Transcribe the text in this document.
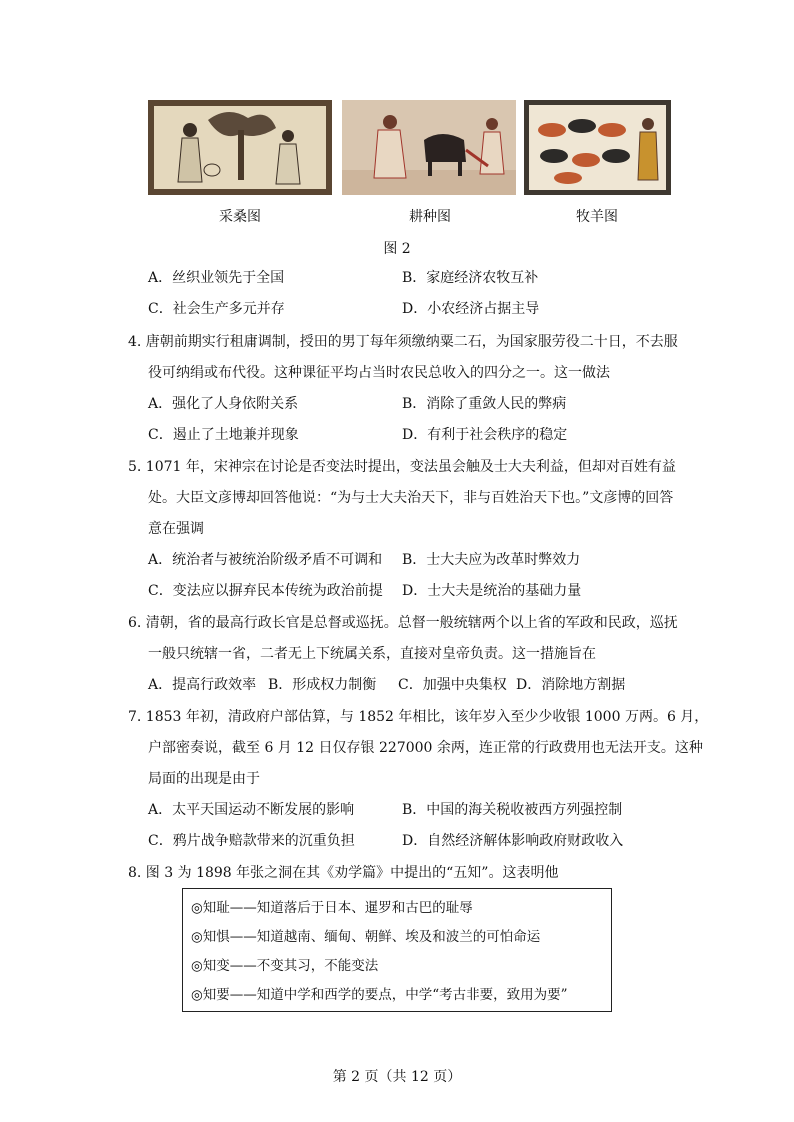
采桑图	耕种图	牧羊图
图 2
A．丝织业领先于全国	B．家庭经济农牧互补
C．社会生产多元并存	D．小农经济占据主导
4. 唐朝前期实行租庸调制，授田的男丁每年须缴纳粟二石，为国家服劳役二十日，不去服
役可纳绢或布代役。这种课征平均占当时农民总收入的四分之一。这一做法
A．强化了人身依附关系	B．消除了重敛人民的弊病
C．遏止了土地兼并现象	D．有利于社会秩序的稳定
5. 1071 年，宋神宗在讨论是否变法时提出，变法虽会触及士大夫利益，但却对百姓有益
处。大臣文彦博却回答他说：“为与士大夫治天下，非与百姓治天下也。”文彦博的回答
意在强调
A．统治者与被统治阶级矛盾不可调和 B．士大夫应为改革时弊效力
C．变法应以摒弃民本传统为政治前提 D．士大夫是统治的基础力量
6. 清朝，省的最高行政长官是总督或巡抚。总督一般统辖两个以上省的军政和民政，巡抚
一般只统辖一省，二者无上下统属关系，直接对皇帝负责。这一措施旨在
A．提高行政效率 B．形成权力制衡 C．加强中央集权 D．消除地方割据
7. 1853 年初，清政府户部估算，与 1852 年相比，该年岁入至少少收银 1000 万两。6 月，
户部密奏说，截至 6 月 12 日仅存银 227000 余两，连正常的行政费用也无法开支。这种
局面的出现是由于
A．太平天国运动不断发展的影响	B．中国的海关税收被西方列强控制
C．鸦片战争赔款带来的沉重负担	D．自然经济解体影响政府财政收入
8. 图 3 为 1898 年张之洞在其《劝学篇》中提出的“五知”。这表明他
◎知耻——知道落后于日本、暹罗和古巴的耻辱
◎知惧——知道越南、缅甸、朝鲜、埃及和波兰的可怕命运
◎知变——不变其习，不能变法
◎知要——知道中学和西学的要点，中学“考古非要，致用为要”
第 2 页（共 12 页）
